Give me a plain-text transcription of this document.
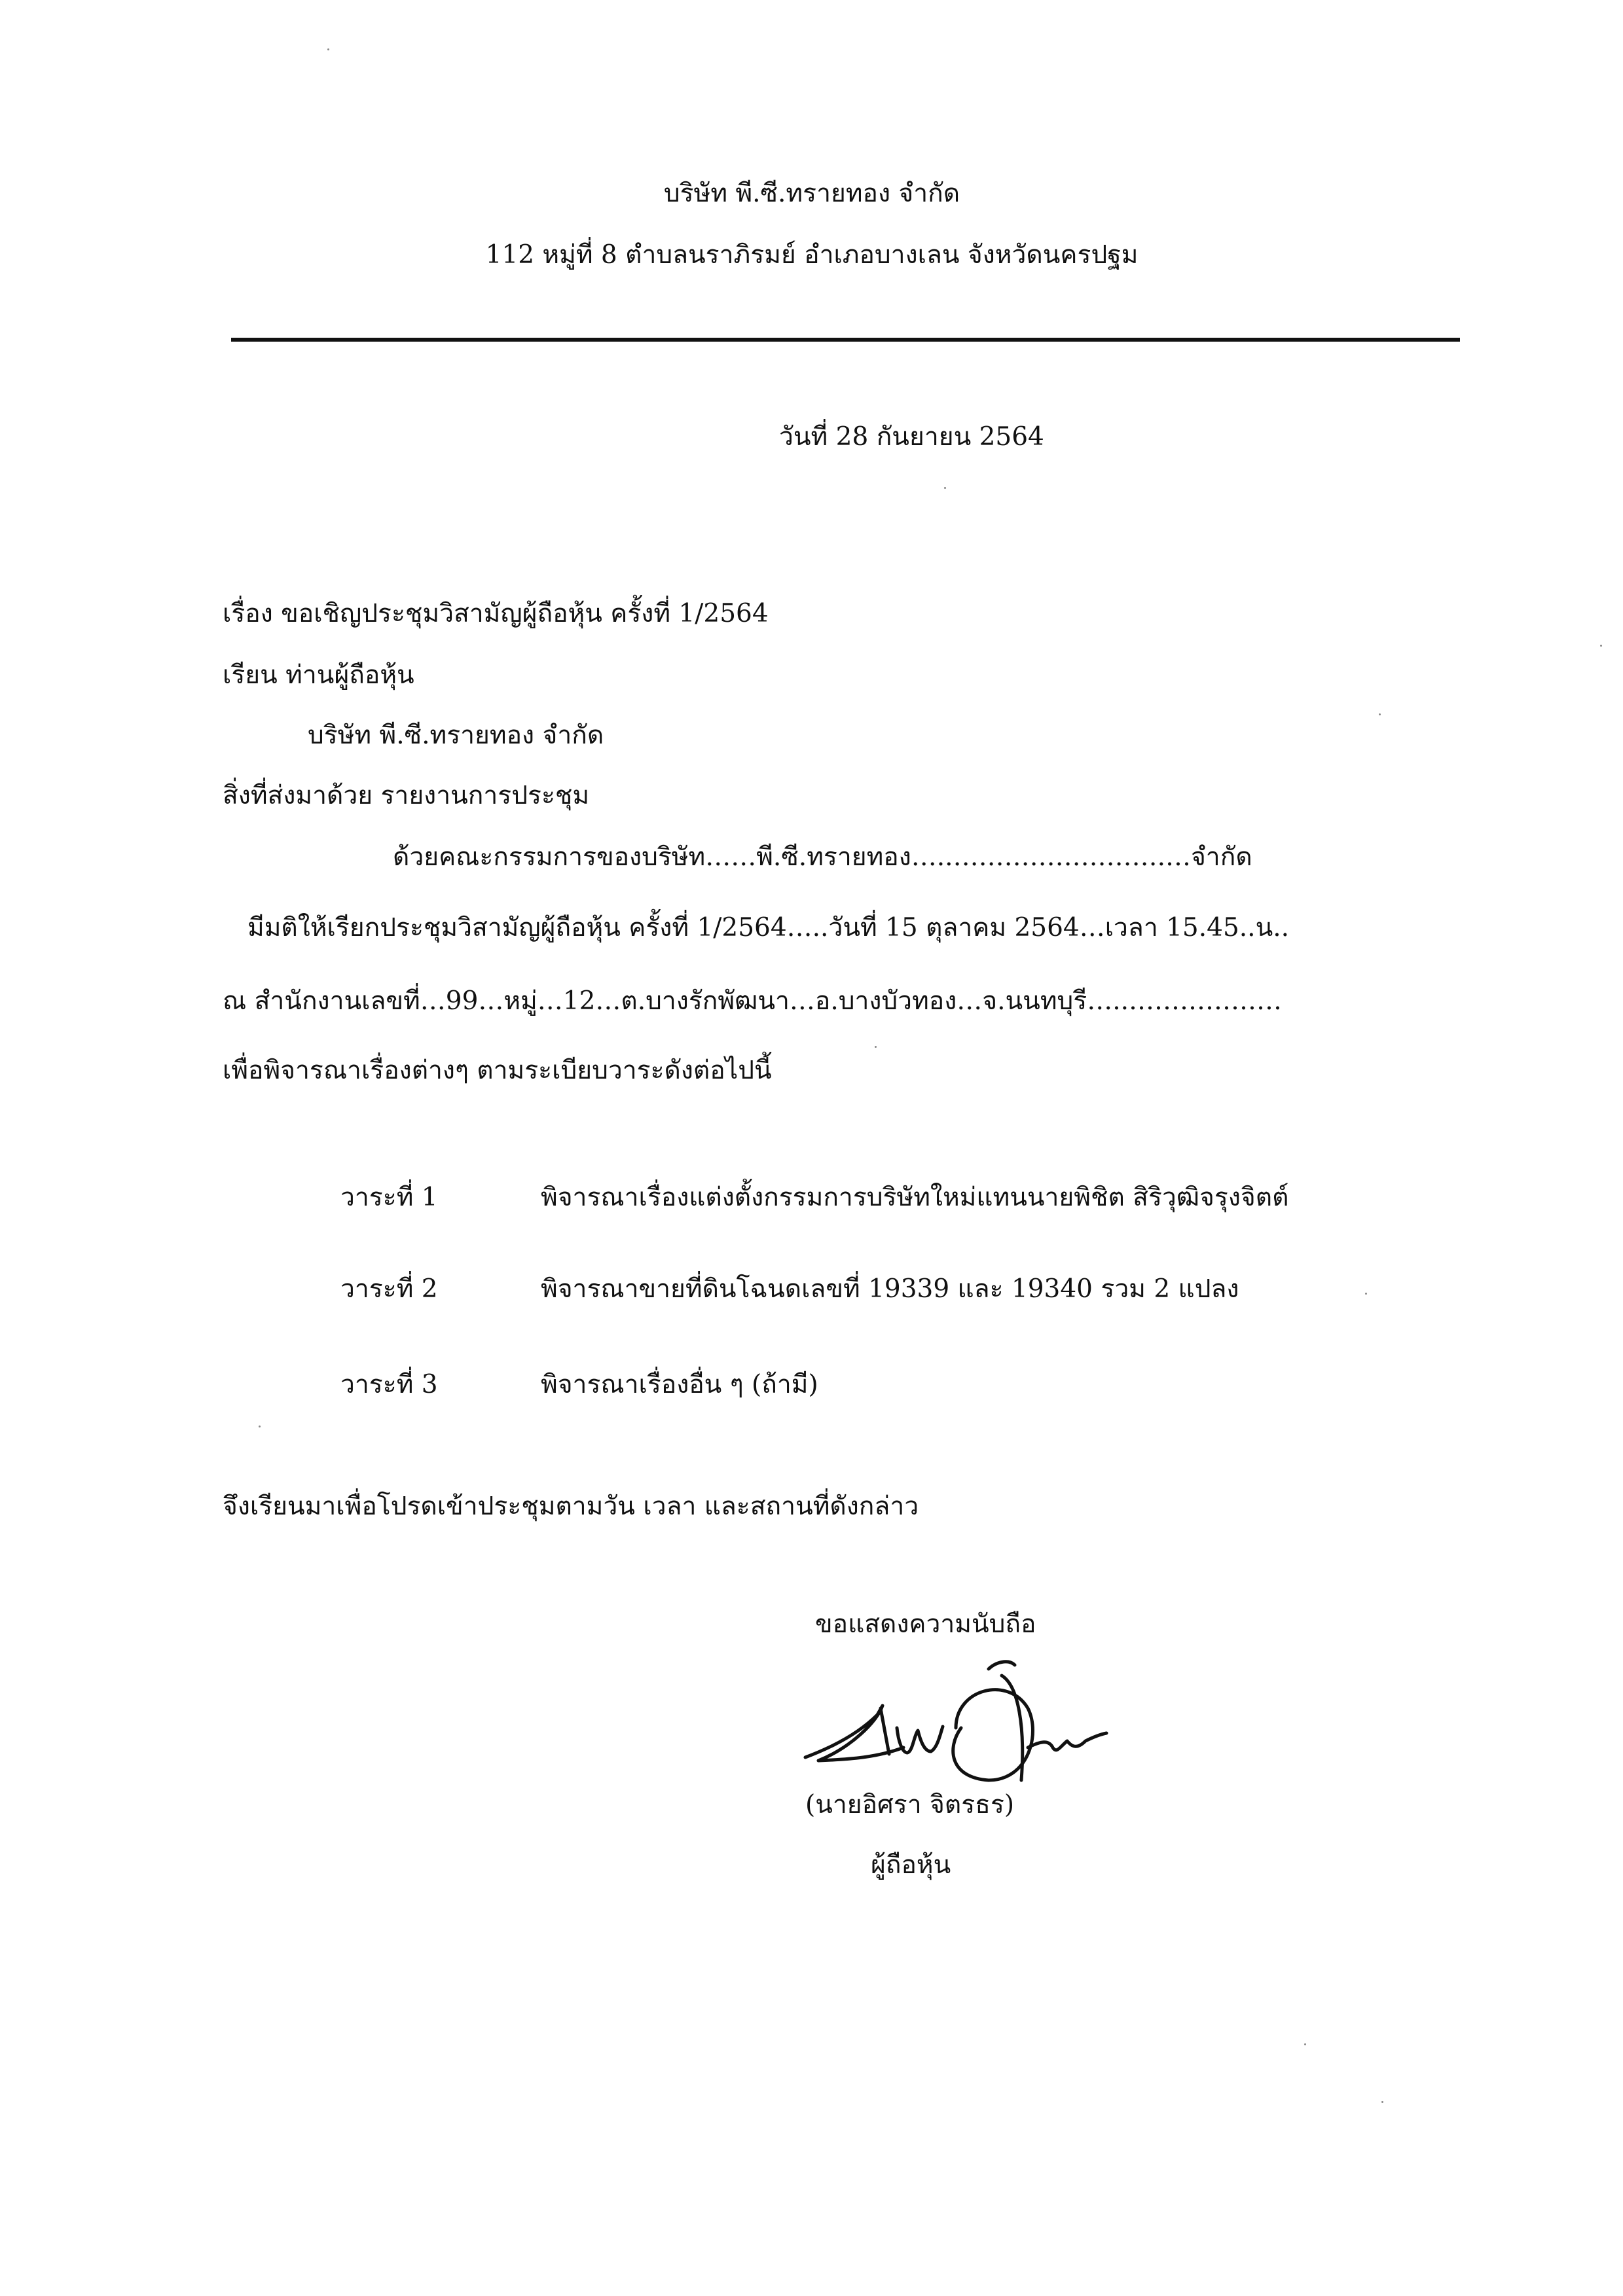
บริษัท พี.ซี.ทรายทอง จำกัด
112 หมู่ที่ 8 ตำบลนราภิรมย์ อำเภอบางเลน จังหวัดนครปฐม
วันที่ 28 กันยายน 2564
เรื่อง ขอเชิญประชุมวิสามัญผู้ถือหุ้น ครั้งที่ 1/2564
เรียน ท่านผู้ถือหุ้น
บริษัท พี.ซี.ทรายทอง จำกัด
สิ่งที่ส่งมาด้วย รายงานการประชุม
ด้วยคณะกรรมการของบริษัท……พี.ซี.ทรายทอง…..…………………….…จำกัด
มีมติให้เรียกประชุมวิสามัญผู้ถือหุ้น ครั้งที่ 1/2564…..วันที่ 15 ตุลาคม 2564…เวลา 15.45..น..
ณ สำนักงานเลขที่…99…หมู่…12…ต.บางรักพัฒนา…อ.บางบัวทอง…จ.นนทบุรี…..………………
เพื่อพิจารณาเรื่องต่างๆ ตามระเบียบวาระดังต่อไปนี้
วาระที่ 1	พิจารณาเรื่องแต่งตั้งกรรมการบริษัทใหม่แทนนายพิชิต สิริวุฒิจรุงจิตต์
วาระที่ 2	พิจารณาขายที่ดินโฉนดเลขที่ 19339 และ 19340 รวม 2 แปลง
วาระที่ 3	พิจารณาเรื่องอื่น ๆ (ถ้ามี)
จึงเรียนมาเพื่อโปรดเข้าประชุมตามวัน เวลา และสถานที่ดังกล่าว
ขอแสดงความนับถือ
(นายอิศรา จิตรธร)
ผู้ถือหุ้น
